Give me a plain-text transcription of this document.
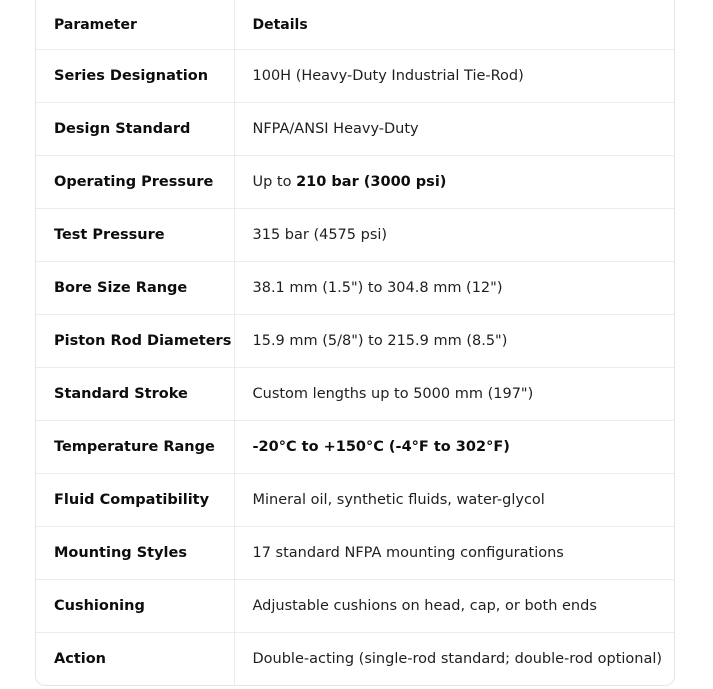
Parameter	Details
Series Designation	100H (Heavy-Duty Industrial Tie-Rod)
Design Standard	NFPA/ANSI Heavy-Duty
Operating Pressure	Up to 210 bar (3000 psi)
Test Pressure	315 bar (4575 psi)
Bore Size Range	38.1 mm (1.5") to 304.8 mm (12")
Piston Rod Diameters	15.9 mm (5/8") to 215.9 mm (8.5")
Standard Stroke	Custom lengths up to 5000 mm (197")
Temperature Range	-20°C to +150°C (-4°F to 302°F)
Fluid Compatibility	Mineral oil, synthetic fluids, water-glycol
Mounting Styles	17 standard NFPA mounting configurations
Cushioning	Adjustable cushions on head, cap, or both ends
Action	Double-acting (single-rod standard; double-rod optional)
